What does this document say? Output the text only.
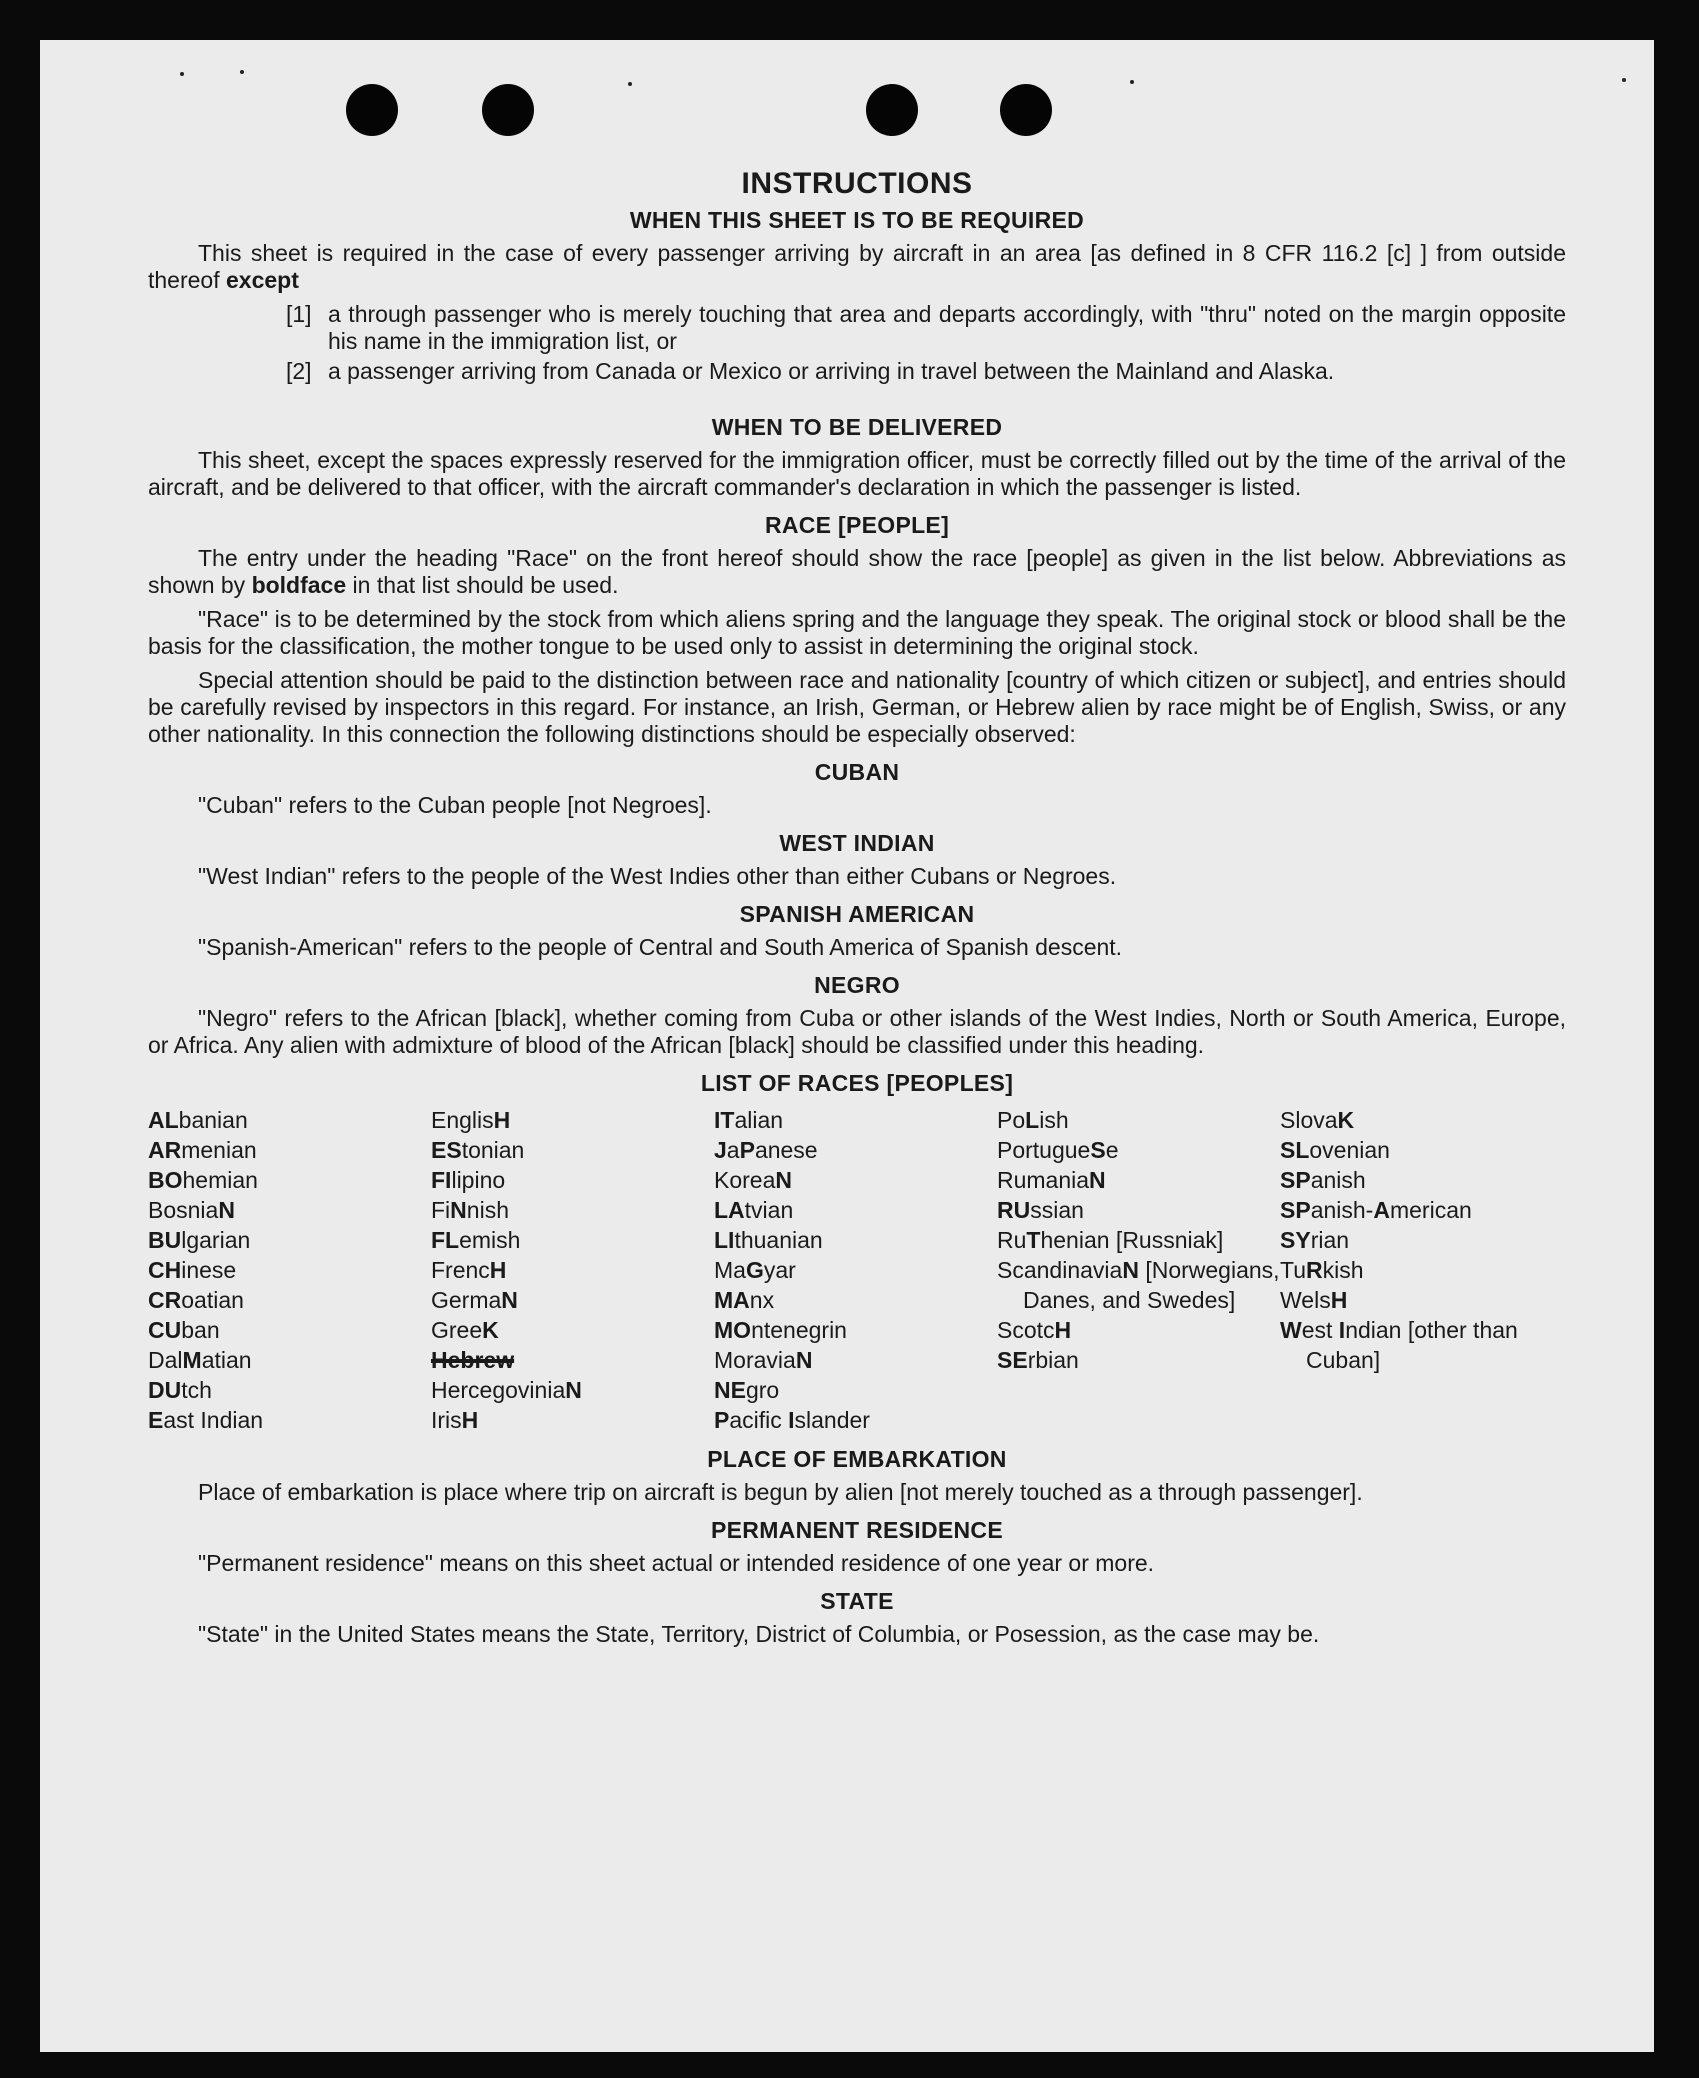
INSTRUCTIONS
WHEN THIS SHEET IS TO BE REQUIRED

This sheet is required in the case of every passenger arriving by aircraft in an area [as defined in 8 CFR 116.2 [c] ] from outside thereof except

[1] a through passenger who is merely touching that area and departs accordingly, with "thru" noted on the margin opposite his name in the immigration list, or
[2] a passenger arriving from Canada or Mexico or arriving in travel between the Mainland and Alaska.
WHEN TO BE DELIVERED

This sheet, except the spaces expressly reserved for the immigration officer, must be correctly filled out by the time of the arrival of the aircraft, and be delivered to that officer, with the aircraft commander's declaration in which the passenger is listed.

RACE [PEOPLE]

The entry under the heading "Race" on the front hereof should show the race [people] as given in the list below. Abbreviations as shown by boldface in that list should be used.

"Race" is to be determined by the stock from which aliens spring and the language they speak. The original stock or blood shall be the basis for the classification, the mother tongue to be used only to assist in determining the original stock.

Special attention should be paid to the distinction between race and nationality [country of which citizen or subject], and entries should be carefully revised by inspectors in this regard. For instance, an Irish, German, or Hebrew alien by race might be of English, Swiss, or any other nationality. In this connection the following distinctions should be especially observed:

CUBAN

"Cuban" refers to the Cuban people [not Negroes].

WEST INDIAN

"West Indian" refers to the people of the West Indies other than either Cubans or Negroes.

SPANISH AMERICAN

"Spanish-American" refers to the people of Central and South America of Spanish descent.

NEGRO

"Negro" refers to the African [black], whether coming from Cuba or other islands of the West Indies, North or South America, Europe, or Africa. Any alien with admixture of blood of the African [black] should be classified under this heading.

LIST OF RACES [PEOPLES]
ALbanian
ARmenian
BOhemian
BosniaN
BUlgarian
CHinese
CRoatian
CUban
DalMatian
DUtch
East Indian
EnglisH
EStonian
FIlipino
FiNnish
FLemish
FrencH
GermaN
GreeK
Hebrew
HercegoviniaN
IrisH
ITalian
JaPanese
KoreaN
LAtvian
LIthuanian
MaGyar
MAnx
MOntenegrin
MoraviaN
NEgro
Pacific Islander
PoLish
PortugueSe
RumaniaN
RUssian
RuThenian [Russniak]
ScandinaviaN [Norwegians, Danes, and Swedes]
ScotcH
SErbian
SlovaK
SLovenian
SPanish
SPanish-American
SYrian
TuRkish
WelsH
West Indian [other than Cuban]
PLACE OF EMBARKATION

Place of embarkation is place where trip on aircraft is begun by alien [not merely touched as a through passenger].

PERMANENT RESIDENCE

"Permanent residence" means on this sheet actual or intended residence of one year or more.

STATE

"State" in the United States means the State, Territory, District of Columbia, or Posession, as the case may be.
